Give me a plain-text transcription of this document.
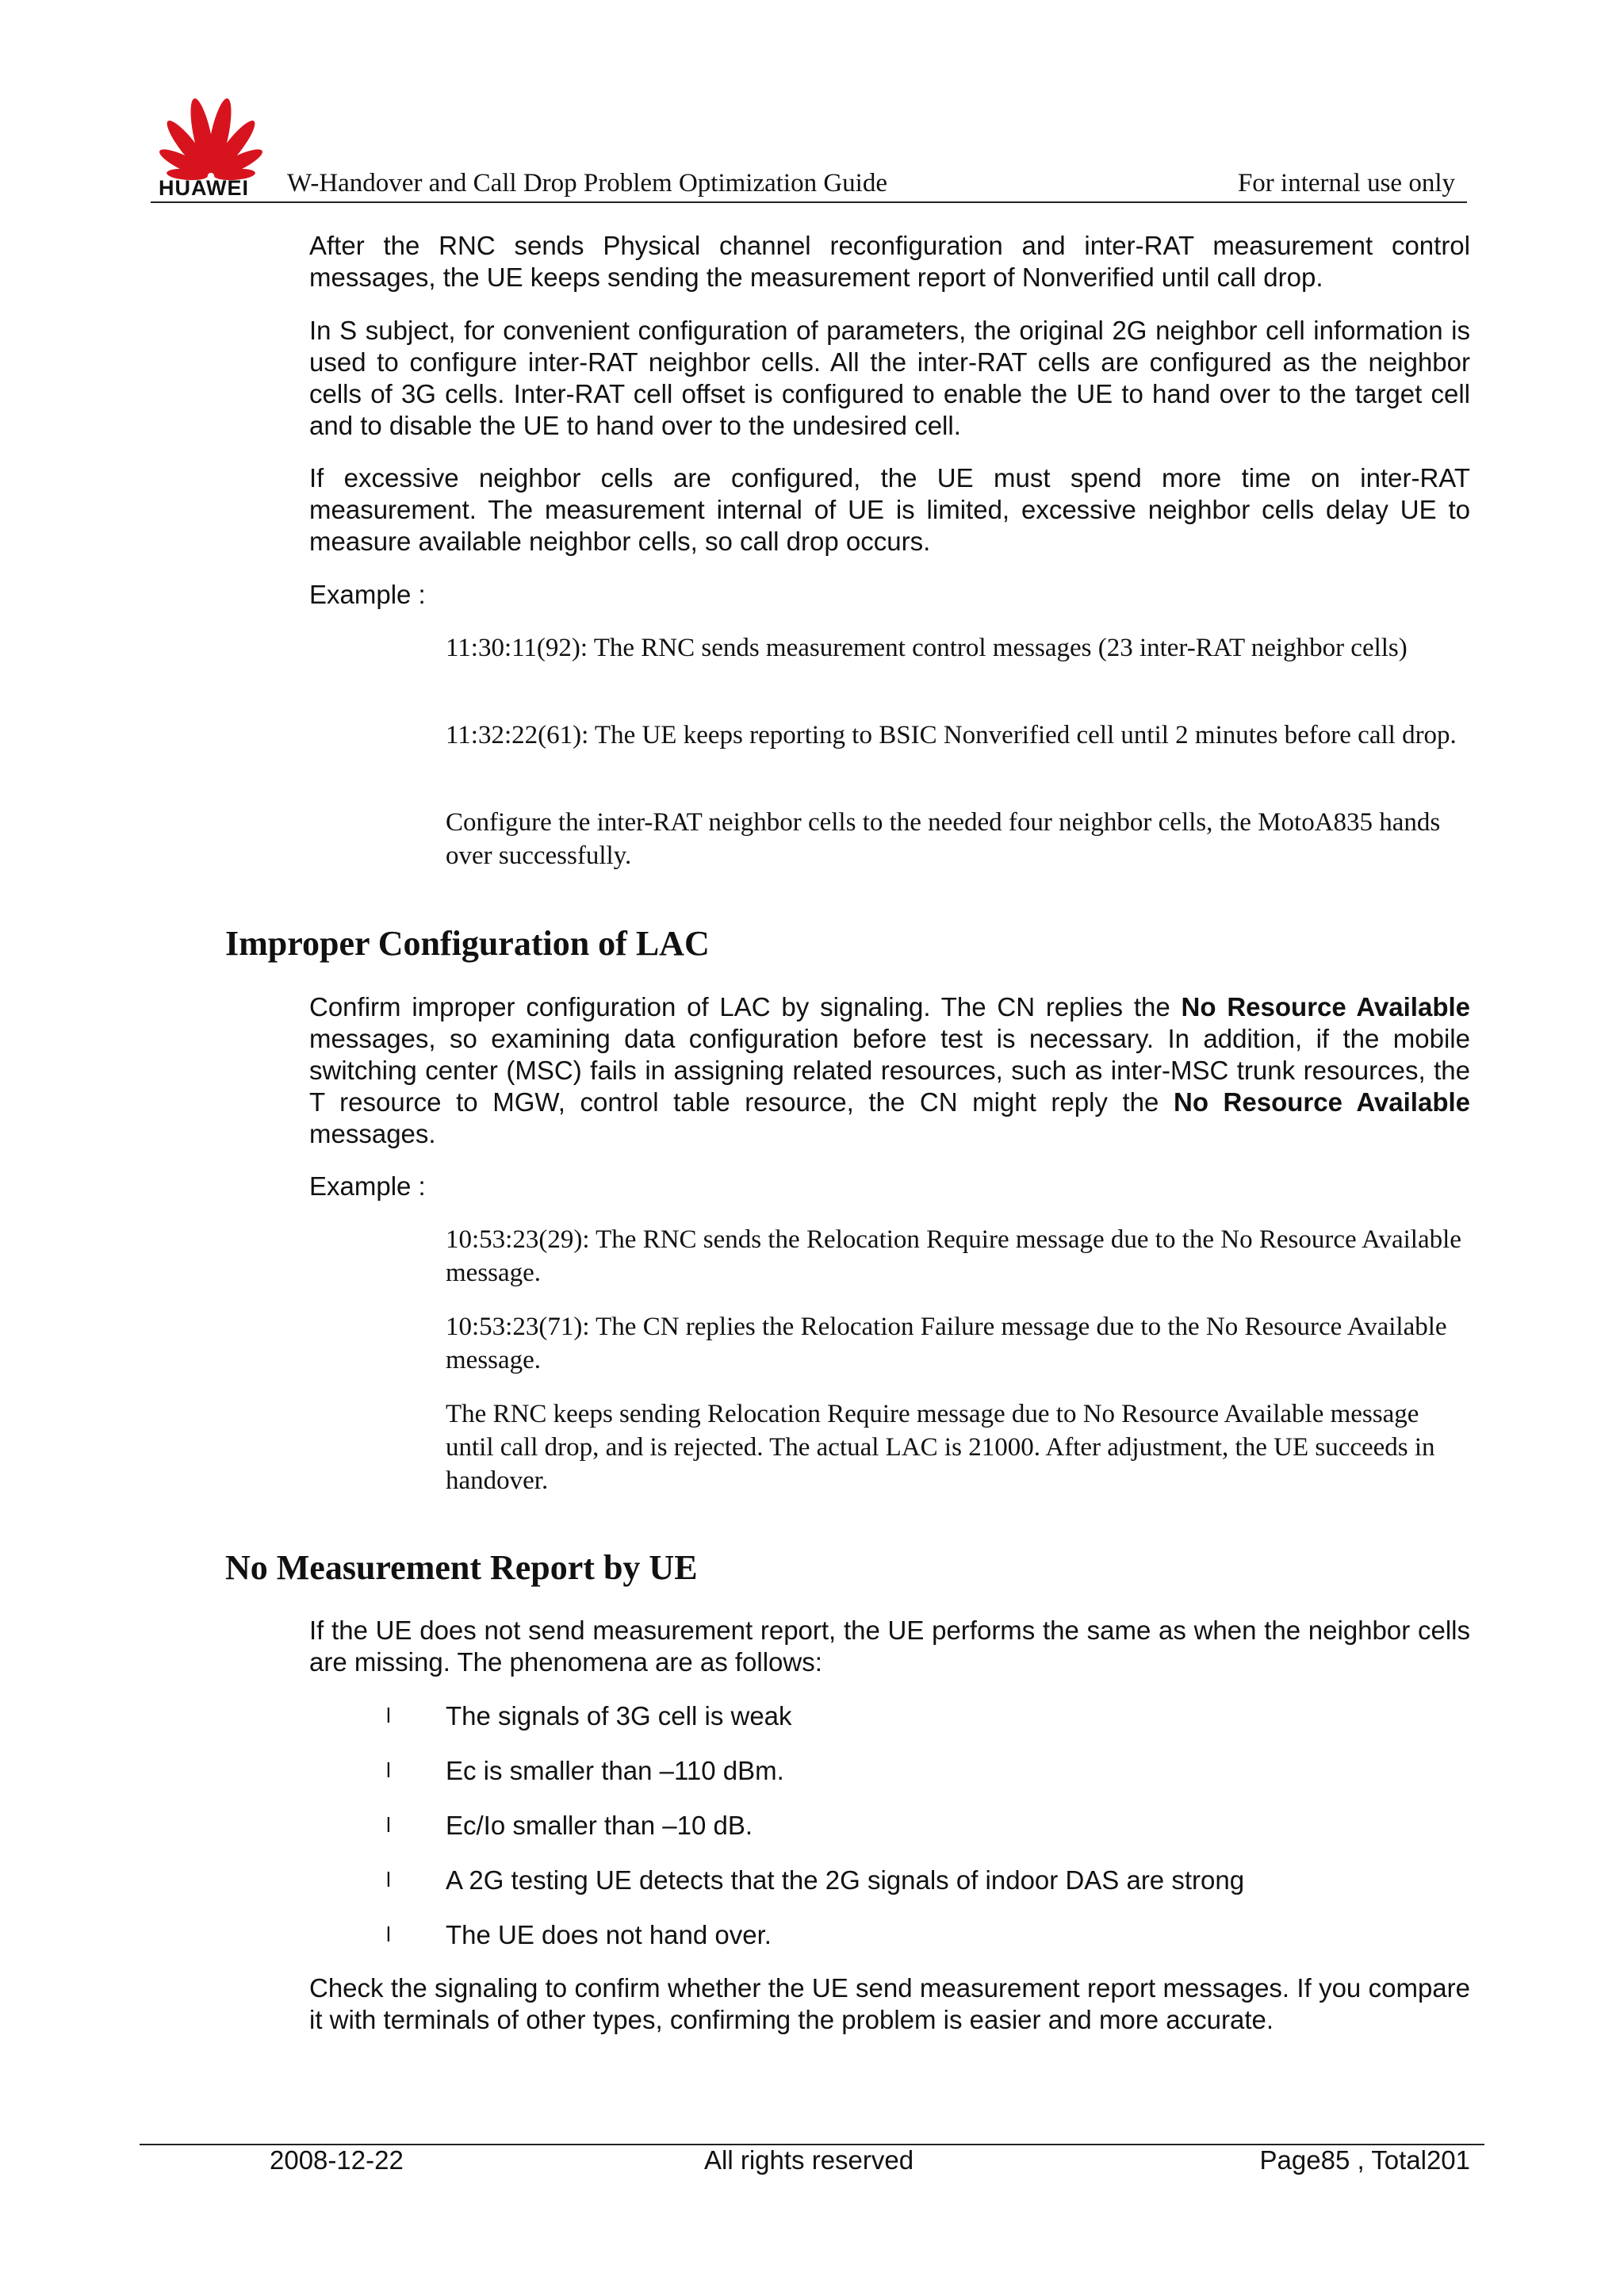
HUAWEI W-Handover and Call Drop Problem Optimization Guide	For internal use only

After the RNC sends Physical channel reconfiguration and inter-RAT measurement control messages, the UE keeps sending the measurement report of Nonverified until call drop.

In S subject, for convenient configuration of parameters, the original 2G neighbor cell information is used to configure inter-RAT neighbor cells. All the inter-RAT cells are configured as the neighbor cells of 3G cells. Inter-RAT cell offset is configured to enable the UE to hand over to the target cell and to disable the UE to hand over to the undesired cell.

If excessive neighbor cells are configured, the UE must spend more time on inter-RAT measurement. The measurement internal of UE is limited, excessive neighbor cells delay UE to measure available neighbor cells, so call drop occurs.

Example :

11:30:11(92): The RNC sends measurement control messages (23 inter-RAT neighbor cells)

11:32:22(61): The UE keeps reporting to BSIC Nonverified cell until 2 minutes before call drop.

Configure the inter-RAT neighbor cells to the needed four neighbor cells, the MotoA835 hands over successfully.

Improper Configuration of LAC

Confirm improper configuration of LAC by signaling. The CN replies the No Resource Available messages, so examining data configuration before test is necessary. In addition, if the mobile switching center (MSC) fails in assigning related resources, such as inter-MSC trunk resources, the T resource to MGW, control table resource, the CN might reply the No Resource Available messages.

Example :

10:53:23(29): The RNC sends the Relocation Require message due to the No Resource Available message.

10:53:23(71): The CN replies the Relocation Failure message due to the No Resource Available message.

The RNC keeps sending Relocation Require message due to No Resource Available message until call drop, and is rejected. The actual LAC is 21000. After adjustment, the UE succeeds in handover.

No Measurement Report by UE

If the UE does not send measurement report, the UE performs the same as when the neighbor cells are missing. The phenomena are as follows:

l The signals of 3G cell is weak
l Ec is smaller than –110 dBm.
l Ec/Io smaller than –10 dB.
l A 2G testing UE detects that the 2G signals of indoor DAS are strong
l The UE does not hand over.

Check the signaling to confirm whether the UE send measurement report messages. If you compare it with terminals of other types, confirming the problem is easier and more accurate.

2008-12-22	All rights reserved	Page85 , Total201
